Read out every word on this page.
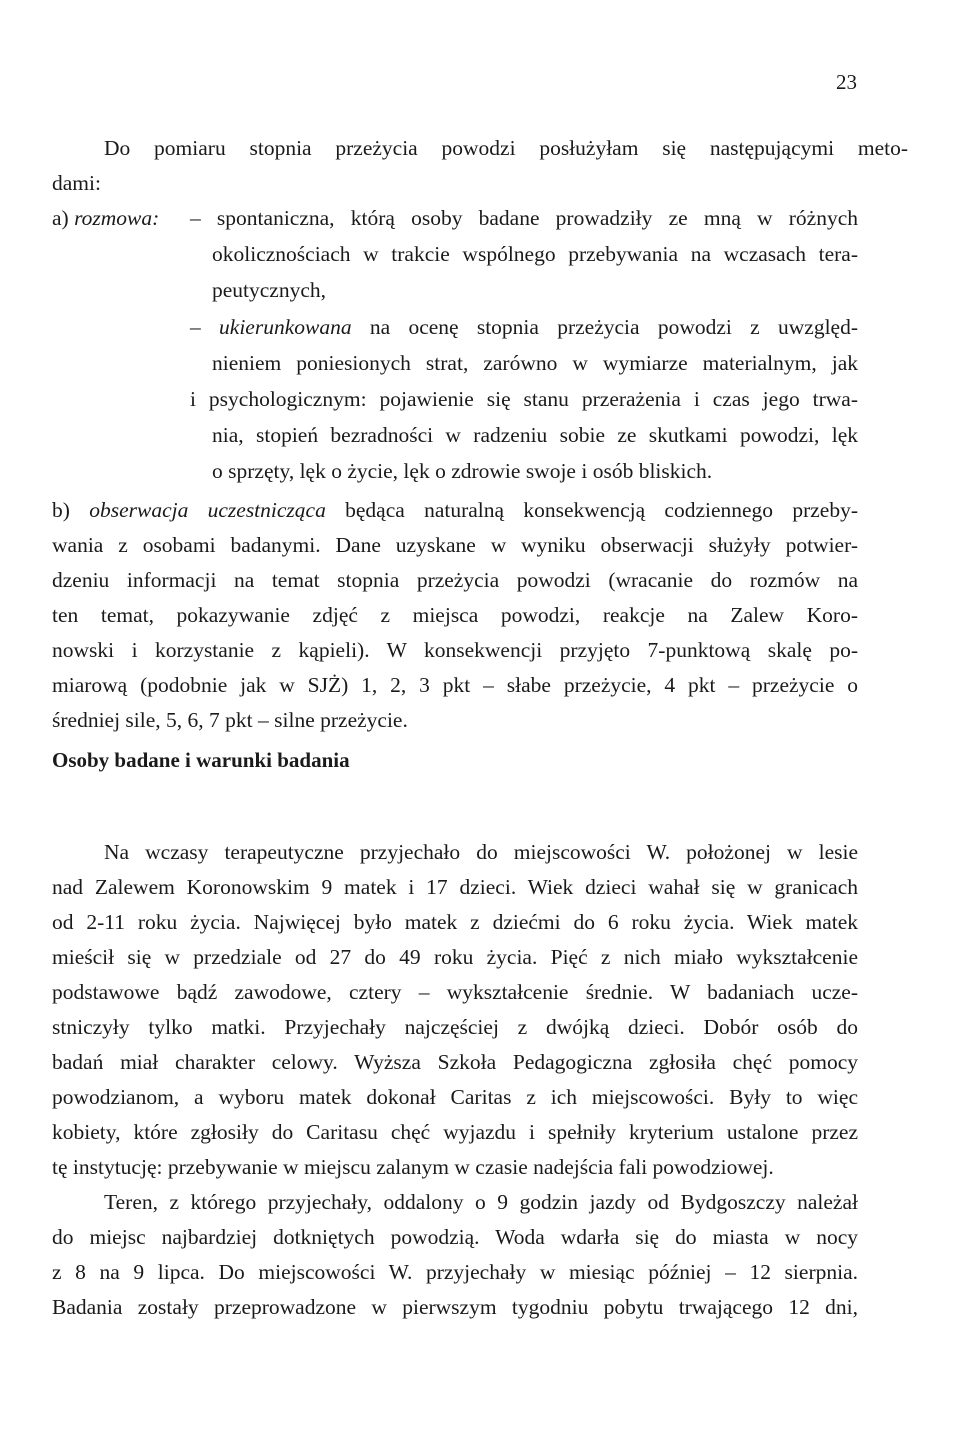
23
Do pomiaru stopnia przeżycia powodzi posłużyłam się następującymi meto-
dami:
a) rozmowa: – spontaniczna, którą osoby badane prowadziły ze mną w różnych
okolicznościach w trakcie wspólnego przebywania na wczasach tera-
peutycznych,
– ukierunkowana na ocenę stopnia przeżycia powodzi z uwzględ-
nieniem poniesionych strat, zarówno w wymiarze materialnym, jak
i psychologicznym: pojawienie się stanu przerażenia i czas jego trwa-
nia, stopień bezradności w radzeniu sobie ze skutkami powodzi, lęk
o sprzęty, lęk o życie, lęk o zdrowie swoje i osób bliskich.
b) obserwacja uczestnicząca będąca naturalną konsekwencją codziennego przeby-
wania z osobami badanymi. Dane uzyskane w wyniku obserwacji służyły potwier-
dzeniu informacji na temat stopnia przeżycia powodzi (wracanie do rozmów na
ten temat, pokazywanie zdjęć z miejsca powodzi, reakcje na Zalew Koro-
nowski i korzystanie z kąpieli). W konsekwencji przyjęto 7-punktową skalę po-
miarową (podobnie jak w SJŻ) 1, 2, 3 pkt – słabe przeżycie, 4 pkt – przeżycie o
średniej sile, 5, 6, 7 pkt – silne przeżycie.
Osoby badane i warunki badania
Na wczasy terapeutyczne przyjechało do miejscowości W. położonej w lesie
nad Zalewem Koronowskim 9 matek i 17 dzieci. Wiek dzieci wahał się w granicach
od 2-11 roku życia. Najwięcej było matek z dziećmi do 6 roku życia. Wiek matek
mieścił się w przedziale od 27 do 49 roku życia. Pięć z nich miało wykształcenie
podstawowe bądź zawodowe, cztery – wykształcenie średnie. W badaniach ucze-
stniczyły tylko matki. Przyjechały najczęściej z dwójką dzieci. Dobór osób do
badań miał charakter celowy. Wyższa Szkoła Pedagogiczna zgłosiła chęć pomocy
powodzianom, a wyboru matek dokonał Caritas z ich miejscowości. Były to więc
kobiety, które zgłosiły do Caritasu chęć wyjazdu i spełniły kryterium ustalone przez
tę instytucję: przebywanie w miejscu zalanym w czasie nadejścia fali powodziowej.
Teren, z którego przyjechały, oddalony o 9 godzin jazdy od Bydgoszczy należał
do miejsc najbardziej dotkniętych powodzią. Woda wdarła się do miasta w nocy
z 8 na 9 lipca. Do miejscowości W. przyjechały w miesiąc później – 12 sierpnia.
Badania zostały przeprowadzone w pierwszym tygodniu pobytu trwającego 12 dni,
